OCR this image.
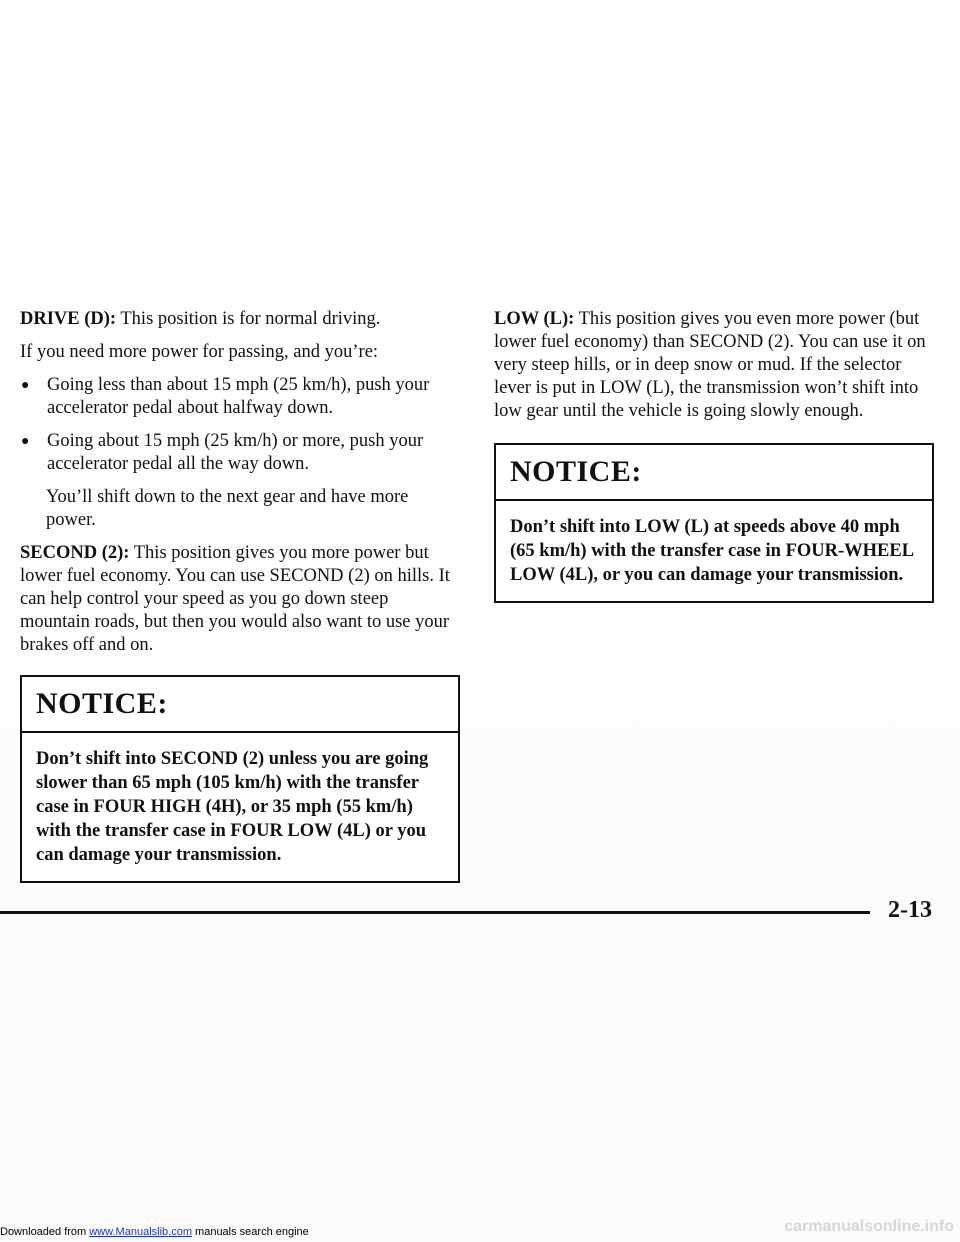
DRIVE (D): This position is for normal driving.

If you need more power for passing, and you’re:

● Going less than about 15 mph (25 km/h), push your accelerator pedal about halfway down.
● Going about 15 mph (25 km/h) or more, push your accelerator pedal all the way down.

You’ll shift down to the next gear and have more power.

SECOND (2): This position gives you more power but lower fuel economy. You can use SECOND (2) on hills. It can help control your speed as you go down steep mountain roads, but then you would also want to use your brakes off and on.

NOTICE:
Don’t shift into SECOND (2) unless you are going slower than 65 mph (105 km/h) with the transfer case in FOUR HIGH (4H), or 35 mph (55 km/h) with the transfer case in FOUR LOW (4L) or you can damage your transmission.

LOW (L): This position gives you even more power (but lower fuel economy) than SECOND (2). You can use it on very steep hills, or in deep snow or mud. If the selector lever is put in LOW (L), the transmission won’t shift into low gear until the vehicle is going slowly enough.

NOTICE:
Don’t shift into LOW (L) at speeds above 40 mph (65 km/h) with the transfer case in FOUR-WHEEL LOW (4L), or you can damage your transmission.
2-13
Downloaded from www.Manualslib.com manuals search engine	carmanualsonline.info
